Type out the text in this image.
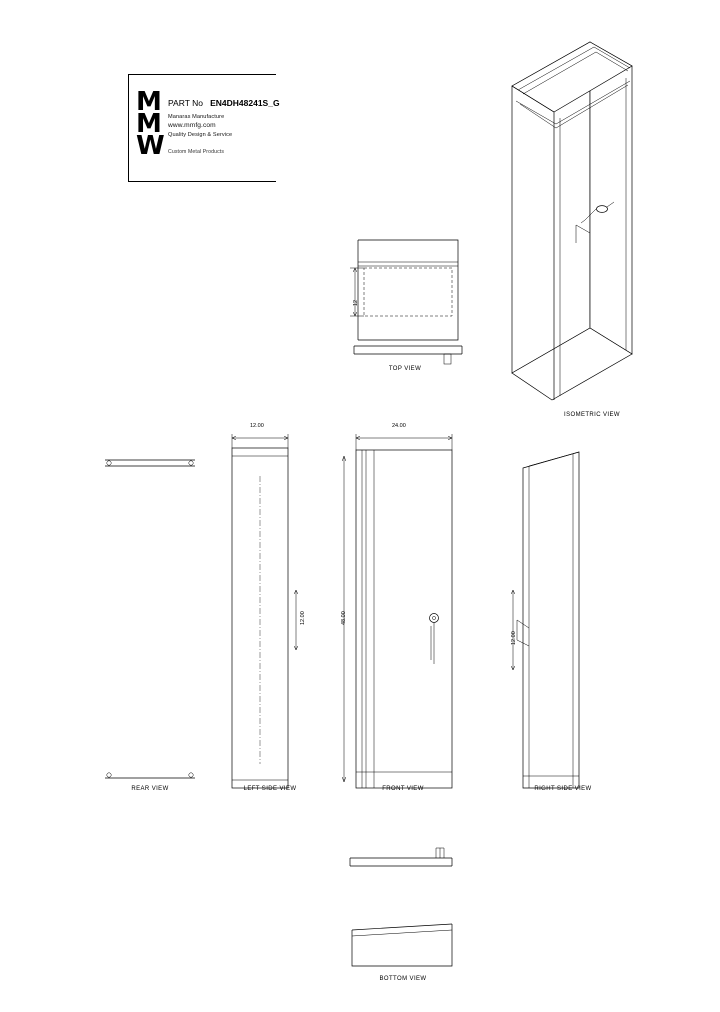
M
M
W
PART No EN4DH48241S_G
Manaras Manufacture
www.mmfg.com
Quality Design & Service
Custom Metal Products
ISOMETRIC VIEW
12
TOP VIEW
REAR VIEW
12.00
12.00
LEFT SIDE VIEW
24.00
48.00
FRONT VIEW
12.00
RIGHT SIDE VIEW
BOTTOM VIEW
